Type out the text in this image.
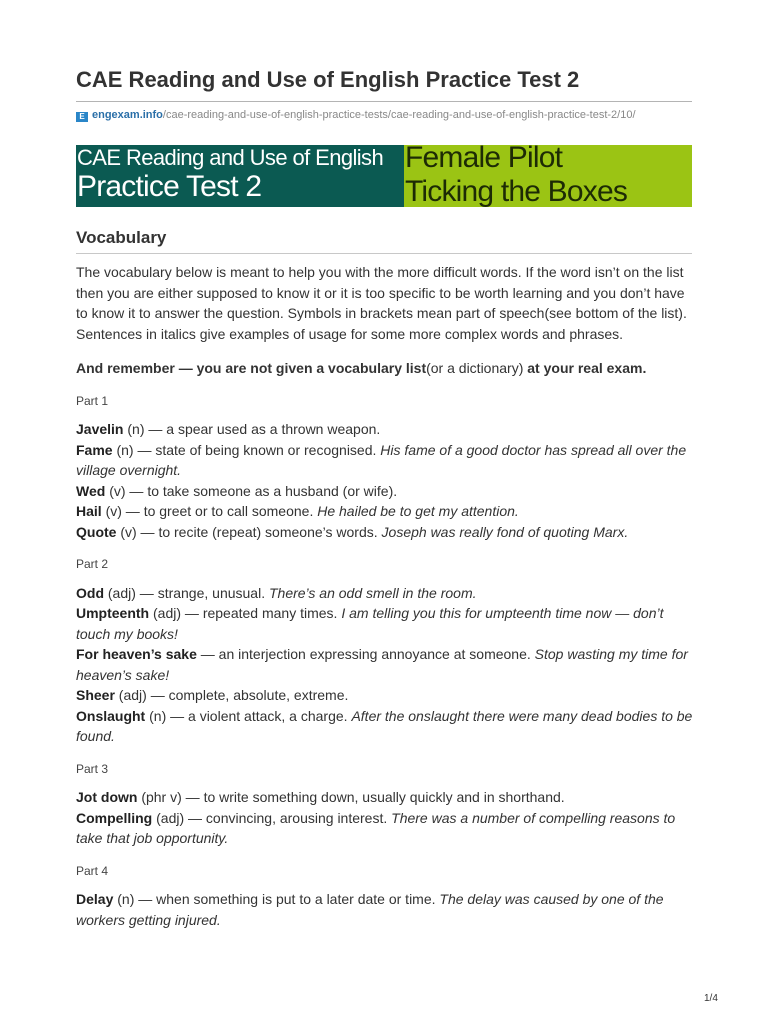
CAE Reading and Use of English Practice Test 2
E engexam.info/cae-reading-and-use-of-english-practice-tests/cae-reading-and-use-of-english-practice-test-2/10/
CAE Reading and Use of English
Practice Test 2
Female Pilot
Ticking the Boxes
Vocabulary

The vocabulary below is meant to help you with the more difficult words. If the word isn’t on the list then you are either supposed to know it or it is too specific to be worth learning and you don’t have to know it to answer the question. Symbols in brackets mean part of speech(see bottom of the list). Sentences in italics give examples of usage for some more complex words and phrases.

And remember — you are not given a vocabulary list(or a dictionary) at your real exam.

Part 1

Javelin (n) — a spear used as a thrown weapon.

Fame (n) — state of being known or recognised. His fame of a good doctor has spread all over the village overnight.

Wed (v) — to take someone as a husband (or wife).

Hail (v) — to greet or to call someone. He hailed be to get my attention.

Quote (v) — to recite (repeat) someone’s words. Joseph was really fond of quoting Marx.

Part 2

Odd (adj) — strange, unusual. There’s an odd smell in the room.

Umpteenth (adj) — repeated many times. I am telling you this for umpteenth time now — don’t touch my books!

For heaven’s sake — an interjection expressing annoyance at someone. Stop wasting my time for heaven’s sake!

Sheer (adj) — complete, absolute, extreme.

Onslaught (n) — a violent attack, a charge. After the onslaught there were many dead bodies to be found.

Part 3

Jot down (phr v) — to write something down, usually quickly and in shorthand.

Compelling (adj) — convincing, arousing interest. There was a number of compelling reasons to take that job opportunity.

Part 4

Delay (n) — when something is put to a later date or time. The delay was caused by one of the workers getting injured.

1/4
